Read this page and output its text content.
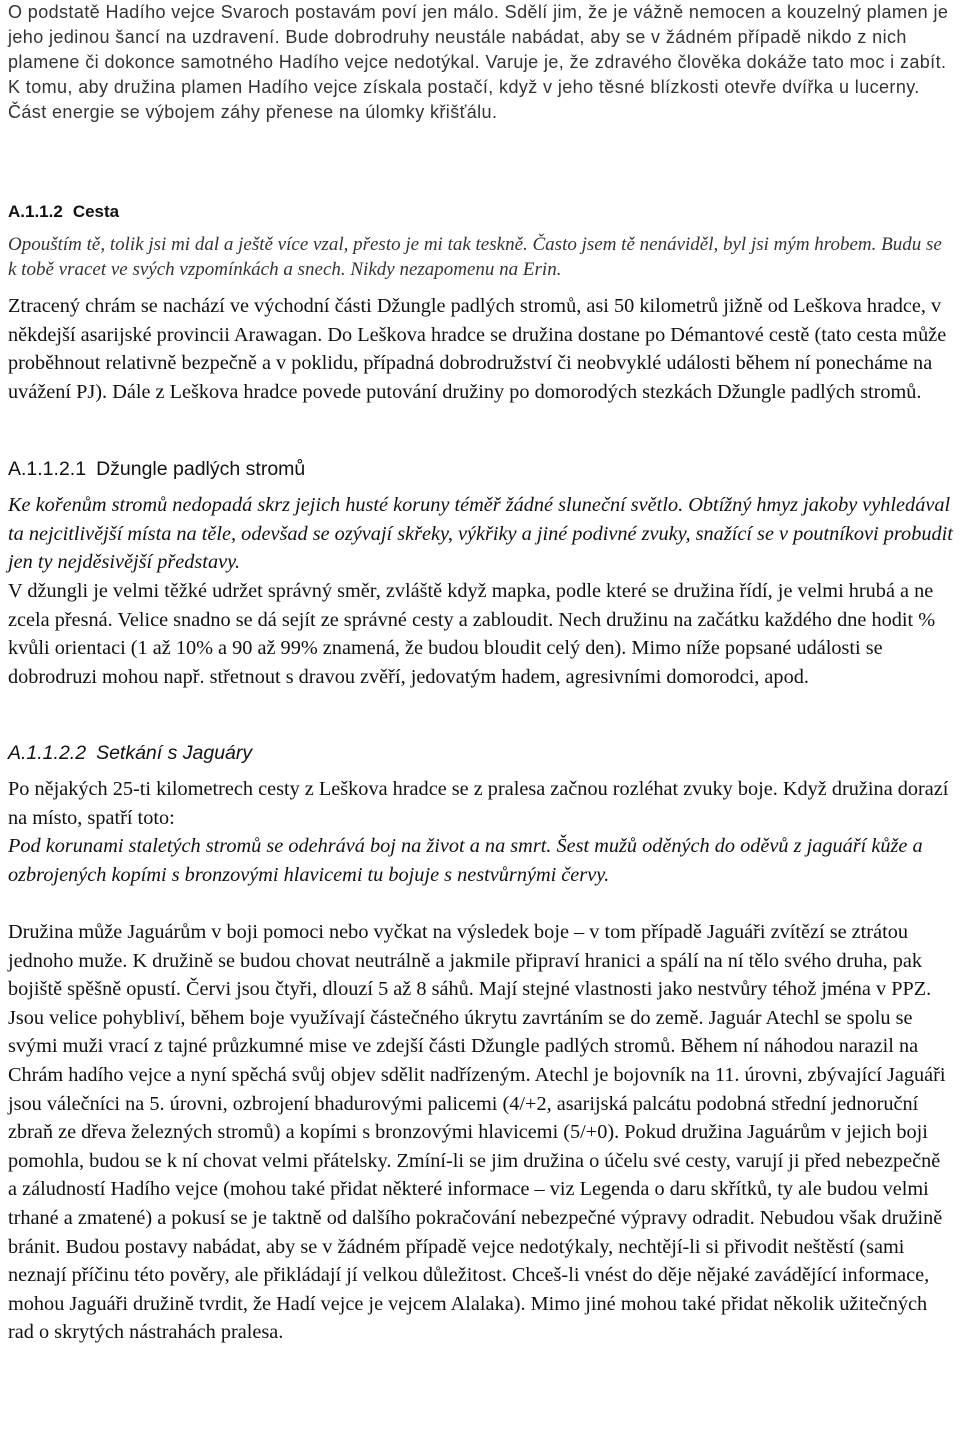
O podstatě Hadího vejce Svaroch postavám poví jen málo. Sdělí jim, že je vážně nemocen a kouzelný plamen je jeho jedinou šancí na uzdravení. Bude dobrodruhy neustále nabádat, aby se v žádném případě nikdo z nich plamene či dokonce samotného Hadího vejce nedotýkal. Varuje je, že zdravého člověka dokáže tato moc i zabít. K tomu, aby družina plamen Hadího vejce získala postačí, když v jeho těsné blízkosti otevře dvířka u lucerny. Část energie se výbojem záhy přenese na úlomky křišťálu.

A.1.1.2 Cesta

Opouštím tě, tolik jsi mi dal a ještě více vzal, přesto je mi tak teskně. Často jsem tě nenáviděl, byl jsi mým hrobem. Budu se k tobě vracet ve svých vzpomínkách a snech. Nikdy nezapomenu na Erin.

Ztracený chrám se nachází ve východní části Džungle padlých stromů, asi 50 kilometrů jižně od Leškova hradce, v někdejší asarijské provincii Arawagan. Do Leškova hradce se družina dostane po Démantové cestě (tato cesta může proběhnout relativně bezpečně a v poklidu, případná dobrodružství či neobvyklé události během ní ponecháme na uvážení PJ). Dále z Leškova hradce povede putování družiny po domorodých stezkách Džungle padlých stromů.

A.1.1.2.1 Džungle padlých stromů

Ke kořenům stromů nedopadá skrz jejich husté koruny téměř žádné sluneční světlo. Obtížný hmyz jakoby vyhledával ta nejcitlivější místa na těle, odevšad se ozývají skřeky, výkřiky a jiné podivné zvuky, snažící se v poutníkovi probudit jen ty nejděsivější představy.

V džungli je velmi těžké udržet správný směr, zvláště když mapka, podle které se družina řídí, je velmi hrubá a ne zcela přesná. Velice snadno se dá sejít ze správné cesty a zabloudit. Nech družinu na začátku každého dne hodit % kvůli orientaci (1 až 10% a 90 až 99% znamená, že budou bloudit celý den). Mimo níže popsané události se dobrodruzi mohou např. střetnout s dravou zvěří, jedovatým hadem, agresivními domorodci, apod.

A.1.1.2.2 Setkání s Jaguáry

Po nějakých 25-ti kilometrech cesty z Leškova hradce se z pralesa začnou rozléhat zvuky boje. Když družina dorazí na místo, spatří toto:

Pod korunami staletých stromů se odehrává boj na život a na smrt. Šest mužů oděných do oděvů z jaguáří kůže a ozbrojených kopími s bronzovými hlavicemi tu bojuje s nestvůrnými červy.

Družina může Jaguárům v boji pomoci nebo vyčkat na výsledek boje – v tom případě Jaguáři zvítězí se ztrátou jednoho muže. K družině se budou chovat neutrálně a jakmile připraví hranici a spálí na ní tělo svého druha, pak bojiště spěšně opustí. Červi jsou čtyři, dlouzí 5 až 8 sáhů. Mají stejné vlastnosti jako nestvůry téhož jména v PPZ. Jsou velice pohybliví, během boje využívají částečného úkrytu zavrtáním se do země. Jaguár Atechl se spolu se svými muži vrací z tajné průzkumné mise ve zdejší části Džungle padlých stromů. Během ní náhodou narazil na Chrám hadího vejce a nyní spěchá svůj objev sdělit nadřízeným. Atechl je bojovník na 11. úrovni, zbývající Jaguáři jsou válečníci na 5. úrovni, ozbrojení bhadurovými palicemi (4/+2, asarijská palcátu podobná střední jednoruční zbraň ze dřeva železných stromů) a kopími s bronzovými hlavicemi (5/+0). Pokud družina Jaguárům v jejich boji pomohla, budou se k ní chovat velmi přátelsky. Zmíní-li se jim družina o účelu své cesty, varují ji před nebezpečně a záludností Hadího vejce (mohou také přidat některé informace – viz Legenda o daru skřítků, ty ale budou velmi trhané a zmatené) a pokusí se je taktně od dalšího pokračování nebezpečné výpravy odradit. Nebudou však družině bránit. Budou postavy nabádat, aby se v žádném případě vejce nedotýkaly, nechtějí-li si přivodit neštěstí (sami neznají příčinu této pověry, ale přikládají jí velkou důležitost. Chceš-li vnést do děje nějaké zavádějící informace, mohou Jaguáři družině tvrdit, že Hadí vejce je vejcem Alalaka). Mimo jiné mohou také přidat několik užitečných rad o skrytých nástrahách pralesa.
